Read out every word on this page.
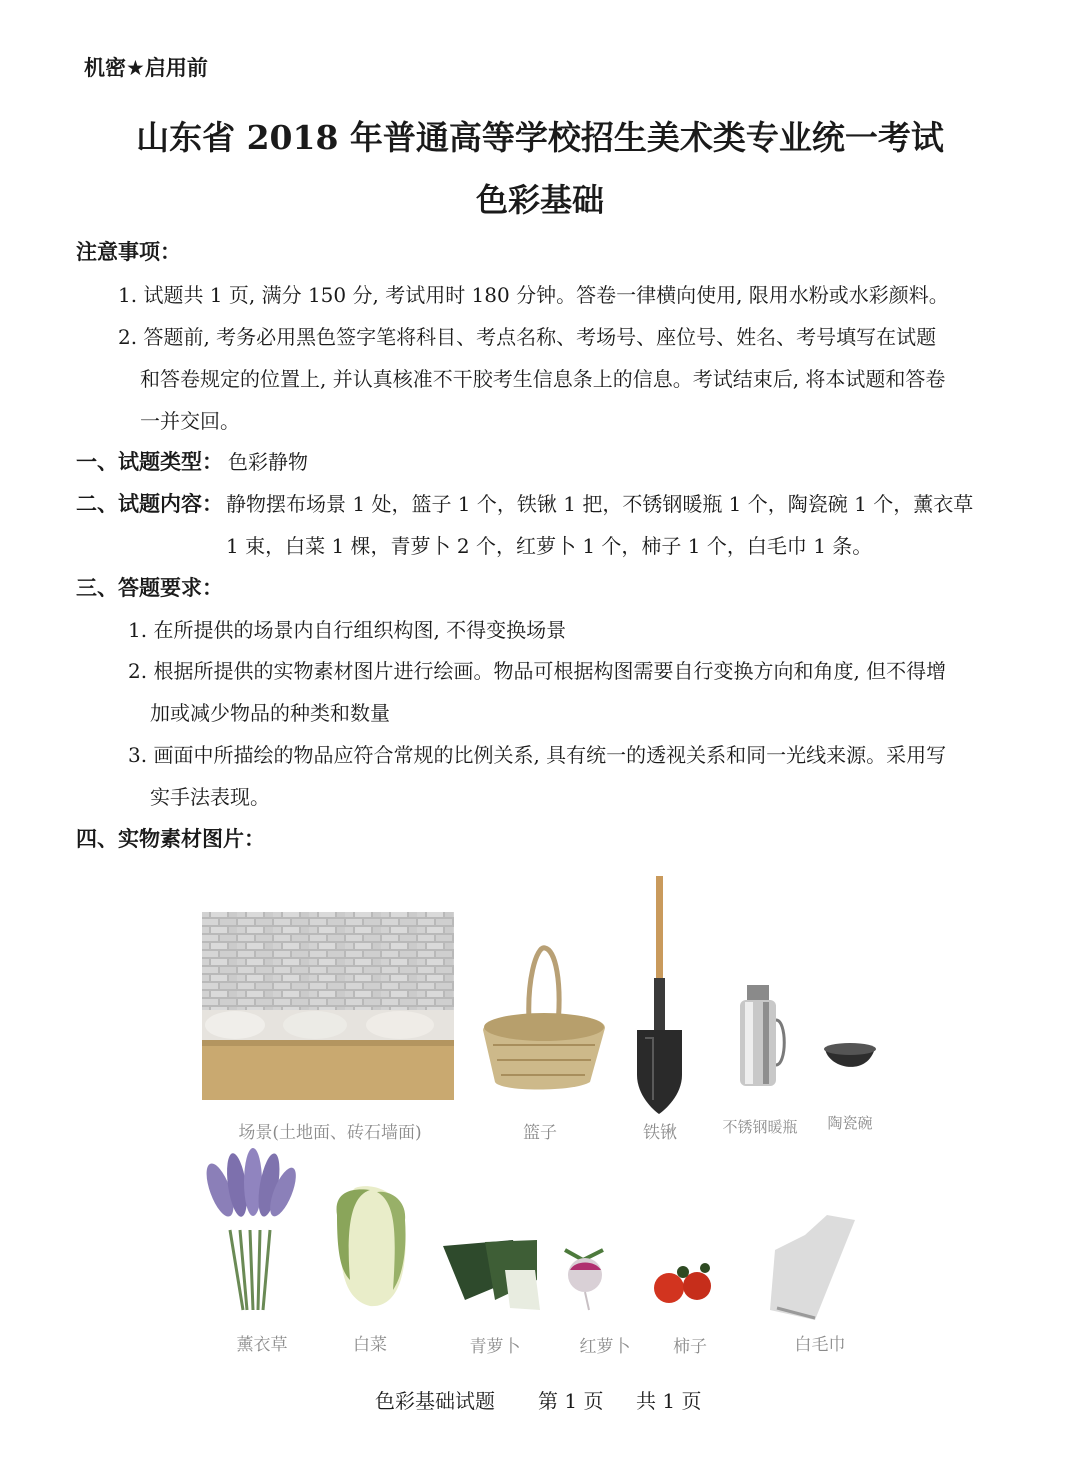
机密★启用前
山东省 2018 年普通高等学校招生美术类专业统一考试
色彩基础
注意事项：
1. 试题共 1 页, 满分 150 分, 考试用时 180 分钟。答卷一律横向使用, 限用水粉或水彩颜料。
2. 答题前, 考务必用黑色签字笔将科目、考点名称、考场号、座位号、姓名、考号填写在试题
和答卷规定的位置上, 并认真核准不干胶考生信息条上的信息。考试结束后, 将本试题和答卷
一并交回。
一、试题类型： 色彩静物
二、试题内容： 静物摆布场景 1 处，篮子 1 个，铁锹 1 把，不锈钢暖瓶 1 个，陶瓷碗 1 个，薰衣草
1 束，白菜 1 棵，青萝卜 2 个，红萝卜 1 个，柿子 1 个，白毛巾 1 条。
三、答题要求：
1. 在所提供的场景内自行组织构图, 不得变换场景
2. 根据所提供的实物素材图片进行绘画。物品可根据构图需要自行变换方向和角度, 但不得增
加或减少物品的种类和数量
3. 画面中所描绘的物品应符合常规的比例关系, 具有统一的透视关系和同一光线来源。采用写
实手法表现。
四、实物素材图片：
场景(土地面、砖石墙面)	篮子	铁锹	不锈钢暖瓶	陶瓷碗
薰衣草	白菜	青萝卜	红萝卜	柿子	白毛巾
色彩基础试题 第 1 页 共 1 页
